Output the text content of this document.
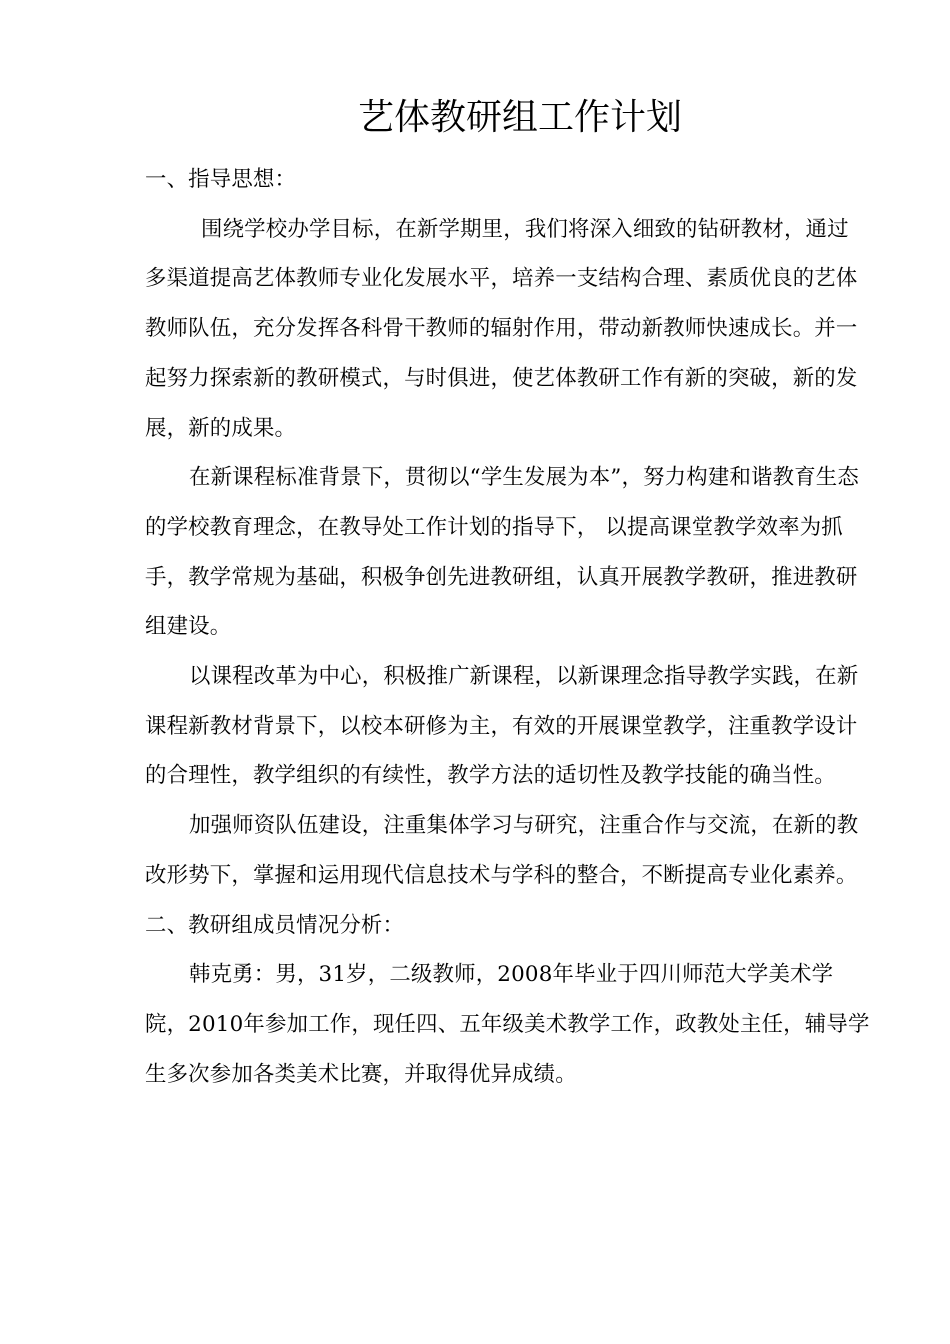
艺体教研组工作计划

一、指导思想：

围绕学校办学目标，在新学期里，我们将深入细致的钻研教材，通过多渠道提高艺体教师专业化发展水平，培养一支结构合理、素质优良的艺体教师队伍，充分发挥各科骨干教师的辐射作用，带动新教师快速成长。并一起努力探索新的教研模式，与时俱进，使艺体教研工作有新的突破，新的发展，新的成果。

在新课程标准背景下，贯彻以“学生发展为本”，努力构建和谐教育生态的学校教育理念，在教导处工作计划的指导下， 以提高课堂教学效率为抓手，教学常规为基础，积极争创先进教研组，认真开展教学教研，推进教研组建设。

以课程改革为中心，积极推广新课程，以新课理念指导教学实践，在新课程新教材背景下，以校本研修为主，有效的开展课堂教学，注重教学设计的合理性，教学组织的有续性，教学方法的适切性及教学技能的确当性。

加强师资队伍建设，注重集体学习与研究，注重合作与交流，在新的教改形势下，掌握和运用现代信息技术与学科的整合，不断提高专业化素养。

二、教研组成员情况分析：

韩克勇：男，31岁，二级教师，2008年毕业于四川师范大学美术学院，2010年参加工作，现任四、五年级美术教学工作，政教处主任，辅导学生多次参加各类美术比赛，并取得优异成绩。
